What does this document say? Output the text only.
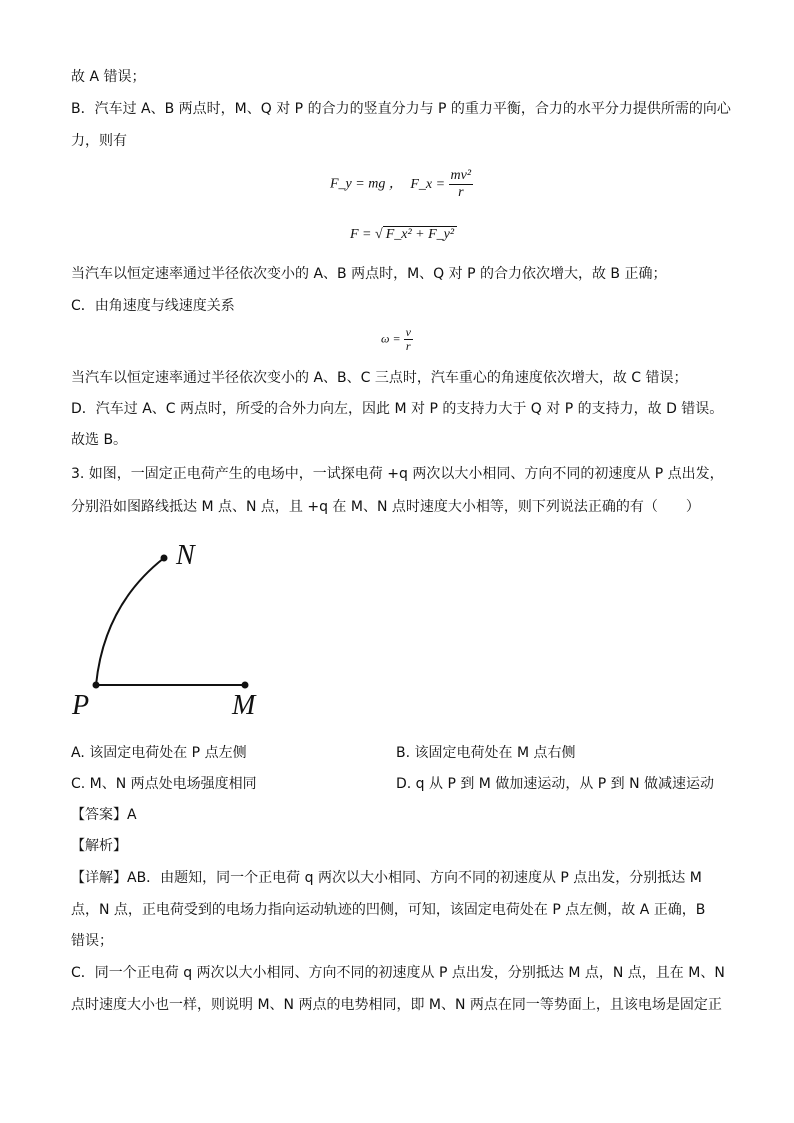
故 A 错误；
B．汽车过 A、B 两点时，M、Q 对 P 的合力的竖直分力与 P 的重力平衡，合力的水平分力提供所需的向心
力，则有
F_y = mg ， F_x = $\frac{\text{mv²}}{r}$
F = √ F_x² + F_y²
当汽车以恒定速率通过半径依次变小的 A、B 两点时，M、Q 对 P 的合力依次增大，故 B 正确；
C．由角速度与线速度关系
$\omega = \frac{v}{r}$
当汽车以恒定速率通过半径依次变小的 A、B、C 三点时，汽车重心的角速度依次增大，故 C 错误；
D．汽车过 A、C 两点时，所受的合外力向左，因此 M 对 P 的支持力大于 Q 对 P 的支持力，故 D 错误。
故选 B。
3. 如图，一固定正电荷产生的电场中，一试探电荷 +q 两次以大小相同、方向不同的初速度从 P 点出发，
分别沿如图路线抵达 M 点、N 点，且 +q 在 M、N 点时速度大小相等，则下列说法正确的有（　　）
N
P	M
A. 该固定电荷处在 P 点左侧	B. 该固定电荷处在 M 点右侧
C. M、N 两点处电场强度相同	D. q 从 P 到 M 做加速运动，从 P 到 N 做减速运动
【答案】A
【解析】
【详解】AB．由题知，同一个正电荷 q 两次以大小相同、方向不同的初速度从 P 点出发，分别抵达 M
点，N 点，正电荷受到的电场力指向运动轨迹的凹侧，可知，该固定电荷处在 P 点左侧，故 A 正确，B
错误；
C．同一个正电荷 q 两次以大小相同、方向不同的初速度从 P 点出发，分别抵达 M 点，N 点，且在 M、N
点时速度大小也一样，则说明 M、N 两点的电势相同，即 M、N 两点在同一等势面上，且该电场是固定正
